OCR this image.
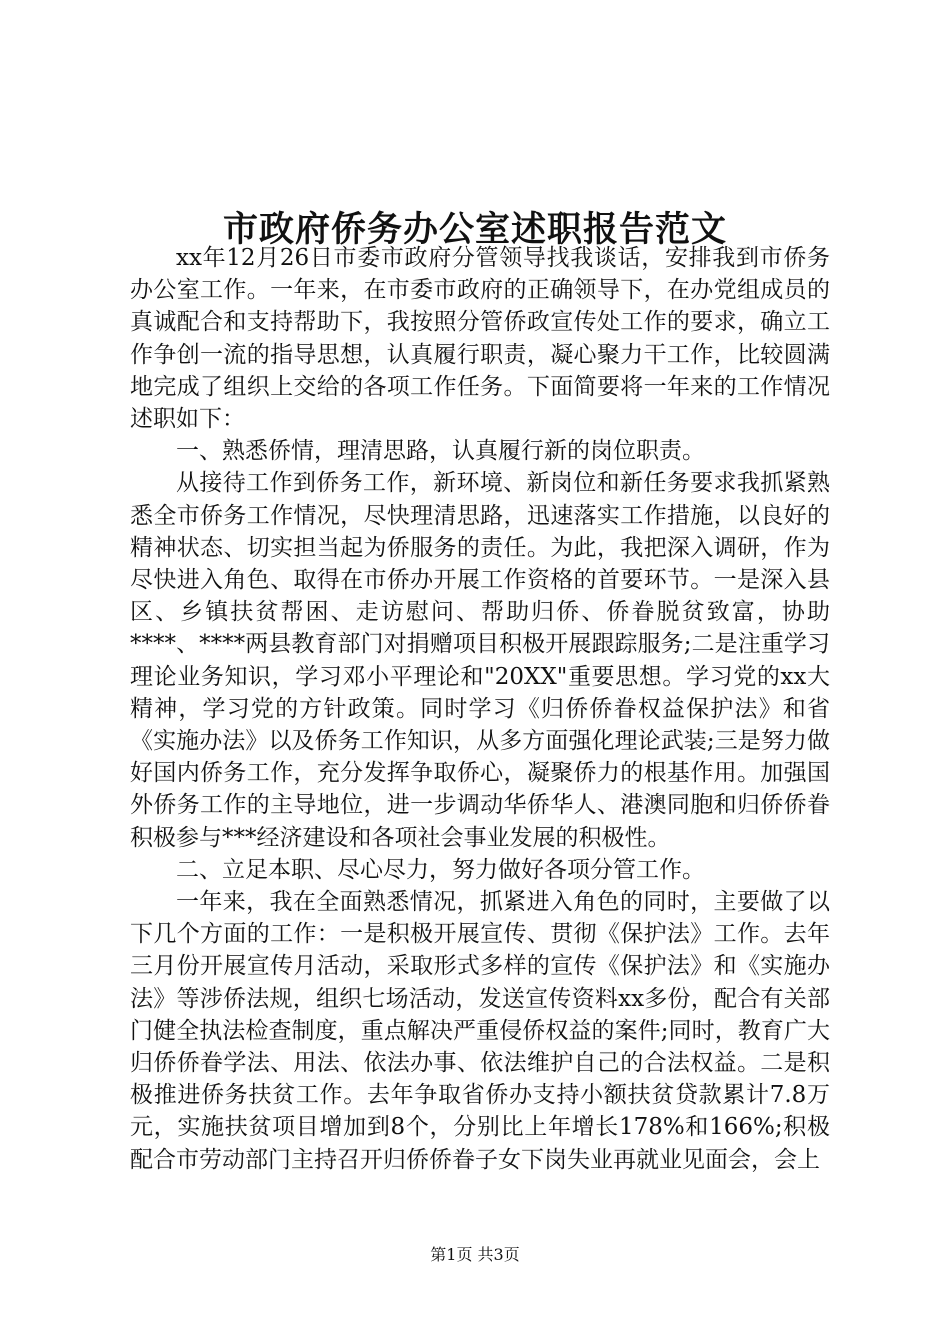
市政府侨务办公室述职报告范文

xx年12月26日市委市政府分管领导找我谈话，安排我到市侨务办公室工作。一年来，在市委市政府的正确领导下，在办党组成员的真诚配合和支持帮助下，我按照分管侨政宣传处工作的要求，确立工作争创一流的指导思想，认真履行职责，凝心聚力干工作，比较圆满地完成了组织上交给的各项工作任务。下面简要将一年来的工作情况述职如下：

一、熟悉侨情，理清思路，认真履行新的岗位职责。

从接待工作到侨务工作，新环境、新岗位和新任务要求我抓紧熟悉全市侨务工作情况，尽快理清思路，迅速落实工作措施，以良好的精神状态、切实担当起为侨服务的责任。为此，我把深入调研，作为尽快进入角色、取得在市侨办开展工作资格的首要环节。一是深入县区、乡镇扶贫帮困、走访慰问、帮助归侨、侨眷脱贫致富，协助****、****两县教育部门对捐赠项目积极开展跟踪服务;二是注重学习理论业务知识，学习邓小平理论和"20XX"重要思想。学习党的xx大精神，学习党的方针政策。同时学习《归侨侨眷权益保护法》和省《实施办法》以及侨务工作知识，从多方面强化理论武装;三是努力做好国内侨务工作，充分发挥争取侨心，凝聚侨力的根基作用。加强国外侨务工作的主导地位，进一步调动华侨华人、港澳同胞和归侨侨眷积极参与***经济建设和各项社会事业发展的积极性。

二、立足本职、尽心尽力，努力做好各项分管工作。

一年来，我在全面熟悉情况，抓紧进入角色的同时，主要做了以下几个方面的工作：一是积极开展宣传、贯彻《保护法》工作。去年三月份开展宣传月活动，采取形式多样的宣传《保护法》和《实施办法》等涉侨法规，组织七场活动，发送宣传资料xx多份，配合有关部门健全执法检查制度，重点解决严重侵侨权益的案件;同时，教育广大归侨侨眷学法、用法、依法办事、依法维护自己的合法权益。二是积极推进侨务扶贫工作。去年争取省侨办支持小额扶贫贷款累计7.8万元，实施扶贫项目增加到8个，分别比上年增长178%和166%;积极配合市劳动部门主持召开归侨侨眷子女下岗失业再就业见面会，会上

第1页 共3页
